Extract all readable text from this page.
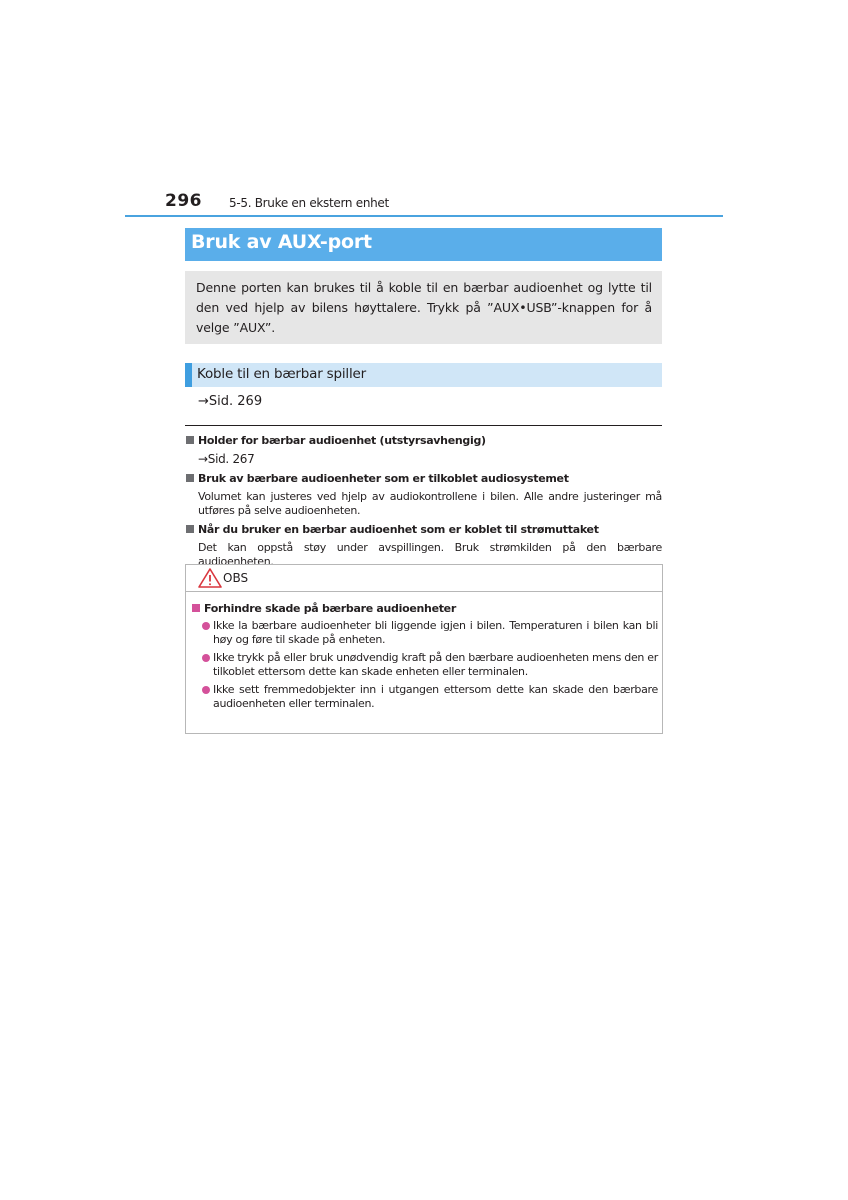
296 5-5. Bruke en ekstern enhet
Bruk av AUX-port
Denne porten kan brukes til å koble til en bærbar audioenhet og lytte til den ved hjelp av bilens høyttalere. Trykk på ”AUX•USB”-knappen for å velge ”AUX”.
Koble til en bærbar spiller
→Sid. 269
Holder for bærbar audioenhet (utstyrsavhengig)
→Sid. 267
Bruk av bærbare audioenheter som er tilkoblet audiosystemet
Volumet kan justeres ved hjelp av audiokontrollene i bilen. Alle andre justeringer må utføres på selve audioenheten.
Når du bruker en bærbar audioenhet som er koblet til strømuttaket
Det kan oppstå støy under avspillingen. Bruk strømkilden på den bærbare audioenheten.
OBS
Forhindre skade på bærbare audioenheter
Ikke la bærbare audioenheter bli liggende igjen i bilen. Temperaturen i bilen kan bli høy og føre til skade på enheten.
Ikke trykk på eller bruk unødvendig kraft på den bærbare audioenheten mens den er tilkoblet ettersom dette kan skade enheten eller terminalen.
Ikke sett fremmedobjekter inn i utgangen ettersom dette kan skade den bærbare audioenheten eller terminalen.
